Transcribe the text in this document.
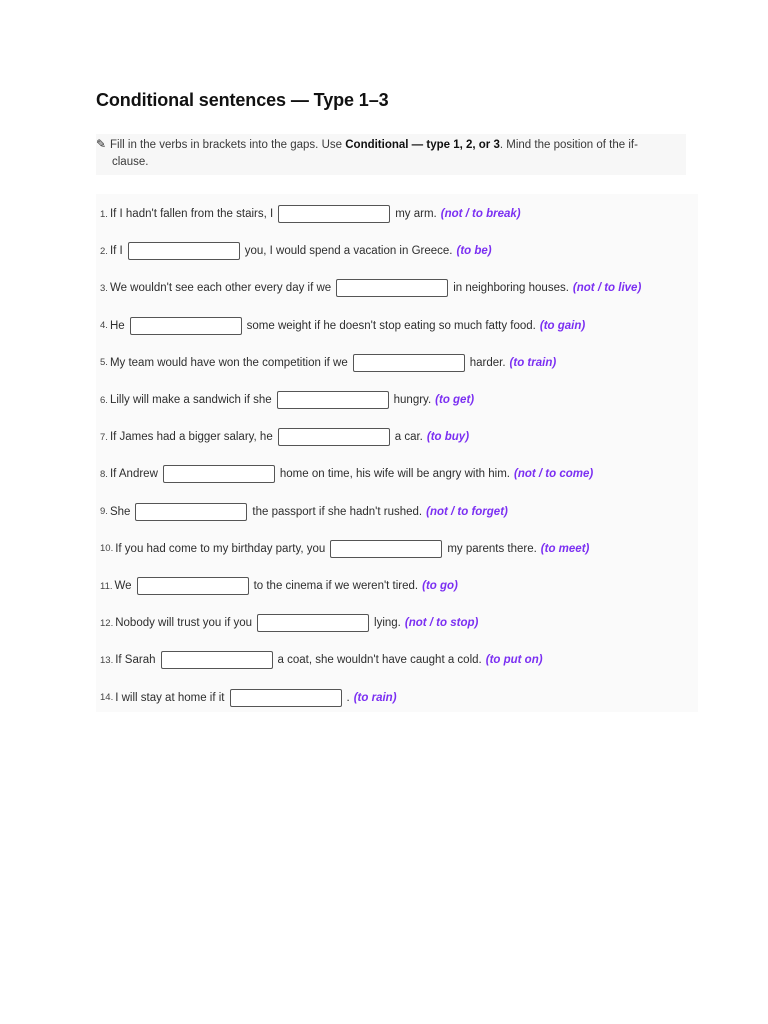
Conditional sentences — Type 1–3
✎ Fill in the verbs in brackets into the gaps. Use Conditional — type 1, 2, or 3. Mind the position of the if-
clause.
1. If I hadn't fallen from the stairs, I	my arm. (not / to break)
2. If I	you, I would spend a vacation in Greece. (to be)
3. We wouldn't see each other every day if we	in neighboring houses. (not / to live)
4. He	some weight if he doesn't stop eating so much fatty food. (to gain)
5. My team would have won the competition if we	harder. (to train)
6. Lilly will make a sandwich if she	hungry. (to get)
7. If James had a bigger salary, he	a car. (to buy)
8. If Andrew	home on time, his wife will be angry with him. (not / to come)
9. She	the passport if she hadn't rushed. (not / to forget)
10. If you had come to my birthday party, you	my parents there. (to meet)
11. We	to the cinema if we weren't tired. (to go)
12. Nobody will trust you if you	lying. (not / to stop)
13. If Sarah	a coat, she wouldn't have caught a cold. (to put on)
14. I will stay at home if it	. (to rain)
